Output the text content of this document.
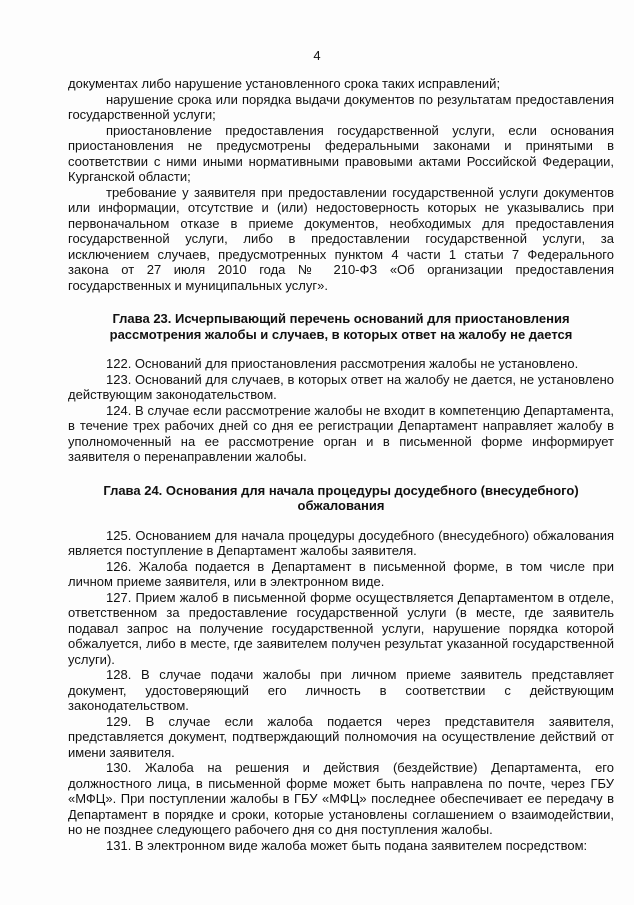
4

документах либо нарушение установленного срока таких исправлений;

нарушение срока или порядка выдачи документов по результатам предоставления государственной услуги;

приостановление предоставления государственной услуги, если основания приостановления не предусмотрены федеральными законами и принятыми в соответствии с ними иными нормативными правовыми актами Российской Федерации, Курганской области;

требование у заявителя при предоставлении государственной услуги документов или информации, отсутствие и (или) недостоверность которых не указывались при первоначальном отказе в приеме документов, необходимых для предоставления государственной услуги, либо в предоставлении государственной услуги, за исключением случаев, предусмотренных пунктом 4 части 1 статьи 7 Федерального закона от 27 июля 2010 года № 210-ФЗ «Об организации предоставления государственных и муниципальных услуг».

Глава 23. Исчерпывающий перечень оснований для приостановления рассмотрения жалобы и случаев, в которых ответ на жалобу не дается

122. Оснований для приостановления рассмотрения жалобы не установлено.

123. Оснований для случаев, в которых ответ на жалобу не дается, не установлено действующим законодательством.

124. В случае если рассмотрение жалобы не входит в компетенцию Департамента, в течение трех рабочих дней со дня ее регистрации Департамент направляет жалобу в уполномоченный на ее рассмотрение орган и в письменной форме информирует заявителя о перенаправлении жалобы.

Глава 24. Основания для начала процедуры досудебного (внесудебного) обжалования

125. Основанием для начала процедуры досудебного (внесудебного) обжалования является поступление в Департамент жалобы заявителя.

126. Жалоба подается в Департамент в письменной форме, в том числе при личном приеме заявителя, или в электронном виде.

127. Прием жалоб в письменной форме осуществляется Департаментом в отделе, ответственном за предоставление государственной услуги (в месте, где заявитель подавал запрос на получение государственной услуги, нарушение порядка которой обжалуется, либо в месте, где заявителем получен результат указанной государственной услуги).

128. В случае подачи жалобы при личном приеме заявитель представляет документ, удостоверяющий его личность в соответствии с действующим законодательством.

129. В случае если жалоба подается через представителя заявителя, представляется документ, подтверждающий полномочия на осуществление действий от имени заявителя.

130. Жалоба на решения и действия (бездействие) Департамента, его должностного лица, в письменной форме может быть направлена по почте, через ГБУ «МФЦ». При поступлении жалобы в ГБУ «МФЦ» последнее обеспечивает ее передачу в Департамент в порядке и сроки, которые установлены соглашением о взаимодействии, но не позднее следующего рабочего дня со дня поступления жалобы.

131. В электронном виде жалоба может быть подана заявителем посредством:
